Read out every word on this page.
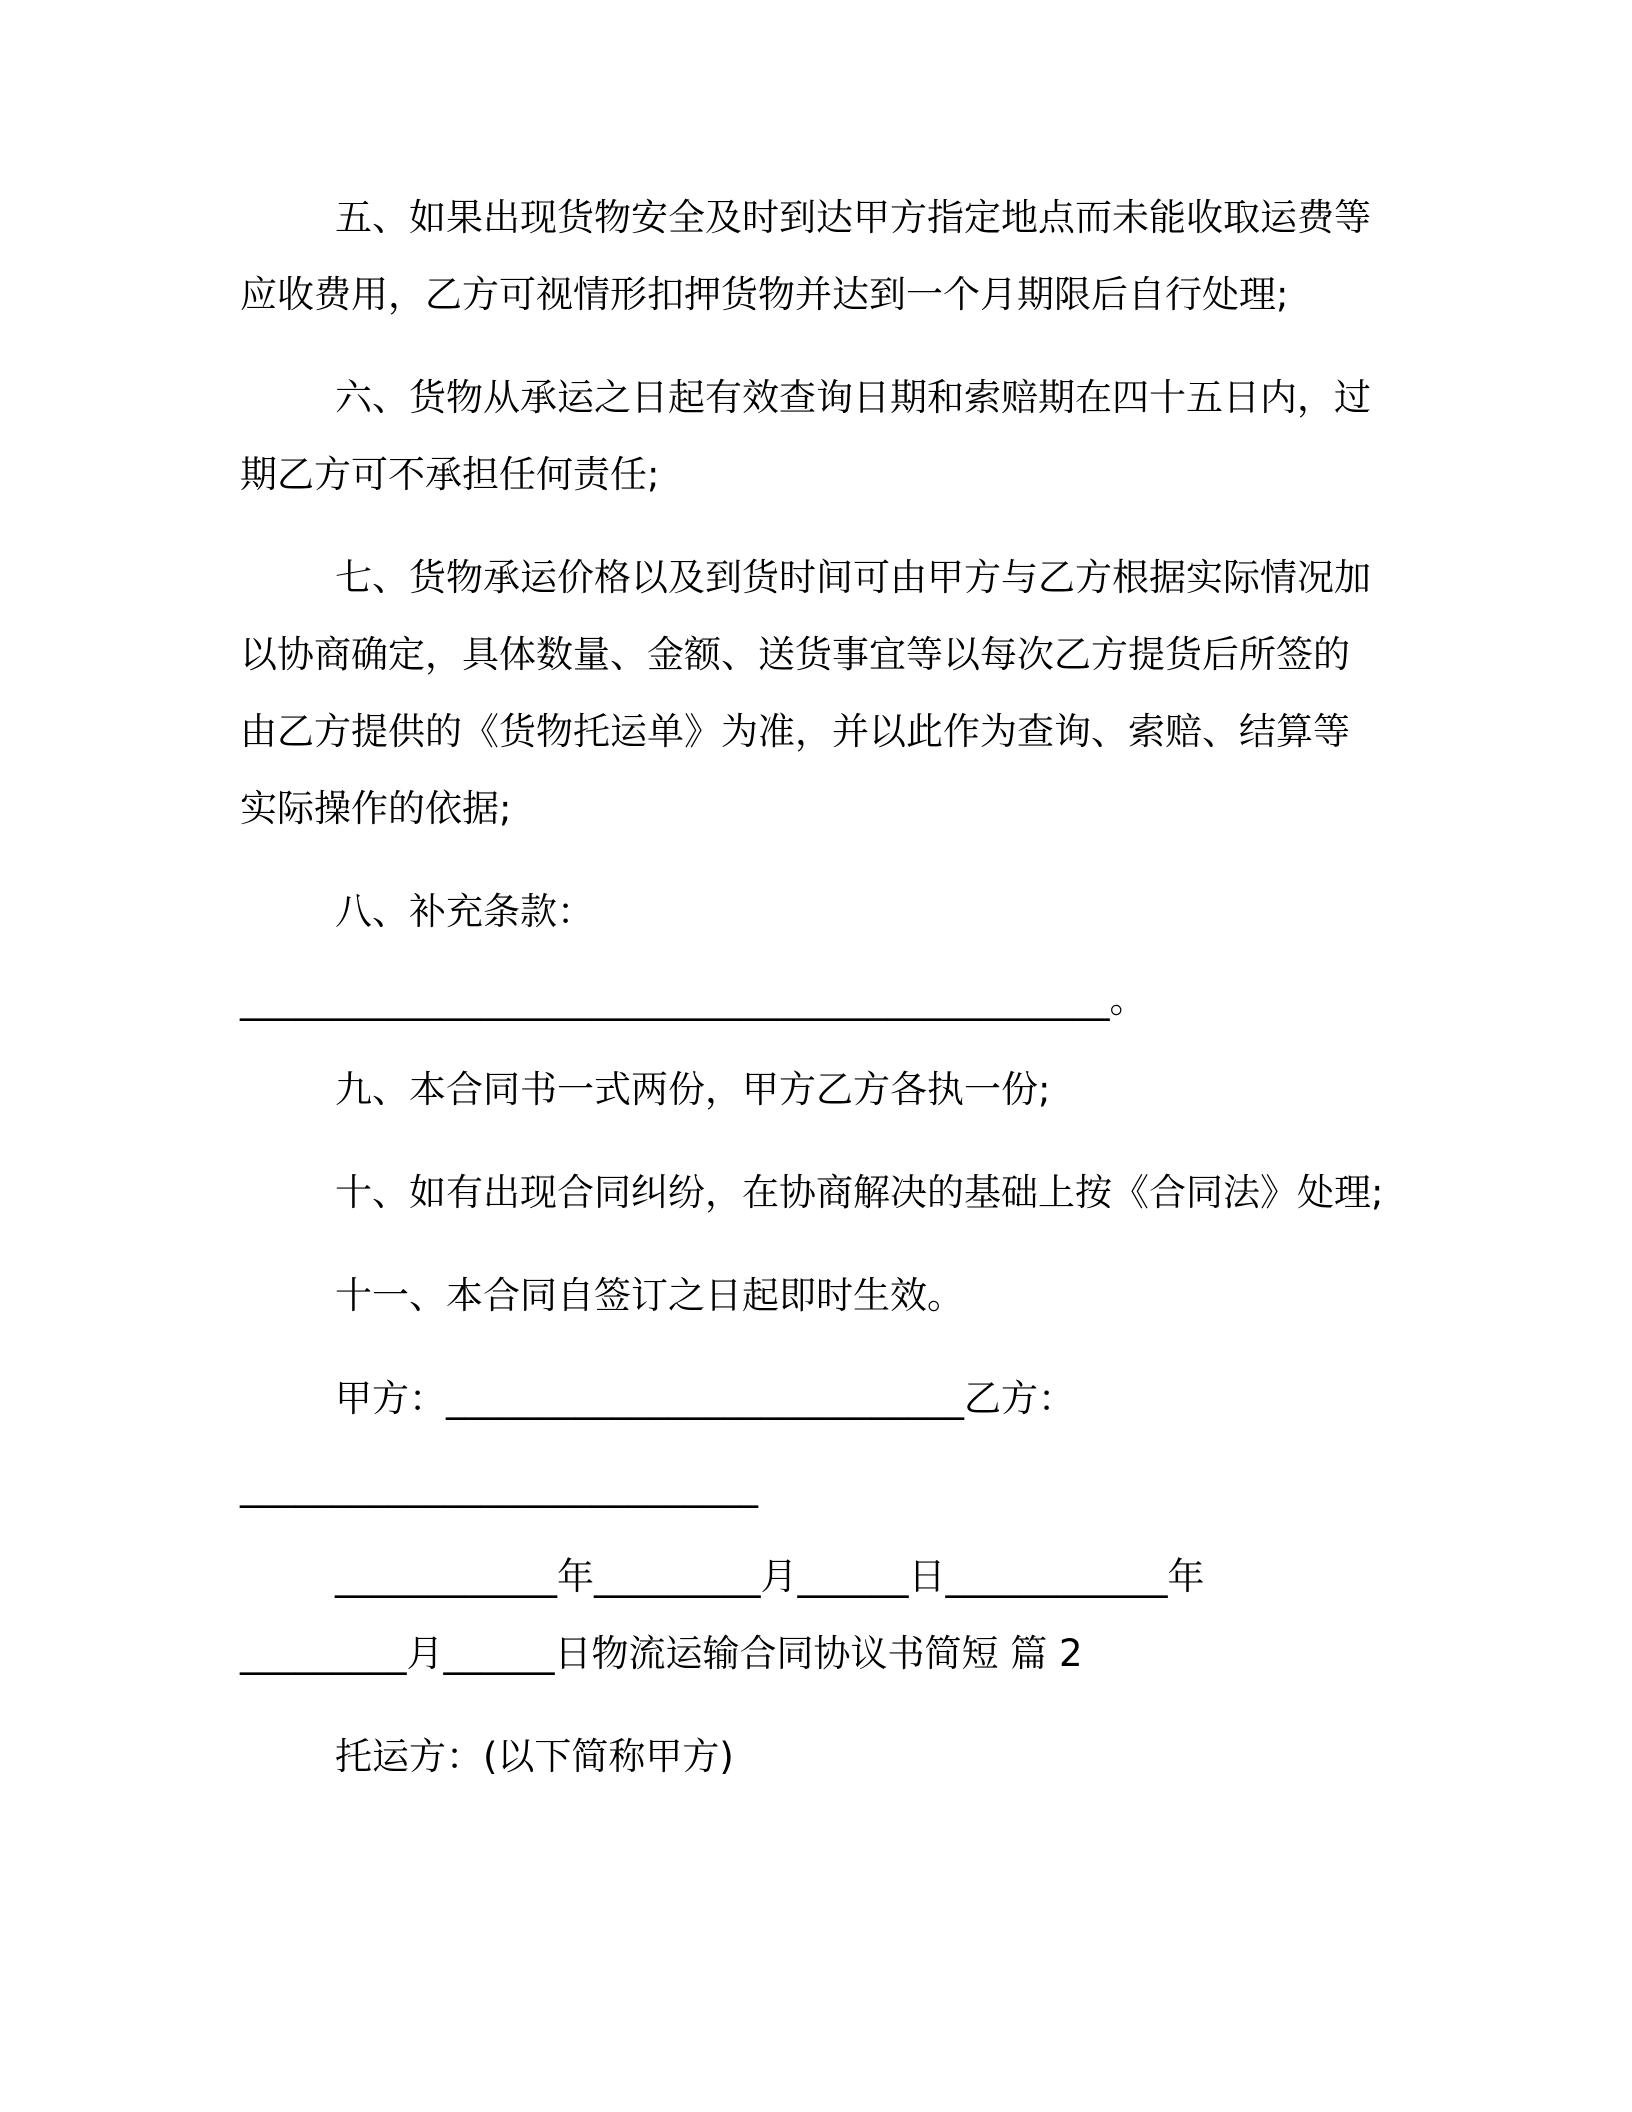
五、如果出现货物安全及时到达甲方指定地点而未能收取运费等
应收费用，乙方可视情形扣押货物并达到一个月期限后自行处理;
六、货物从承运之日起有效查询日期和索赔期在四十五日内，过
期乙方可不承担任何责任;
七、货物承运价格以及到货时间可由甲方与乙方根据实际情况加
以协商确定，具体数量、金额、送货事宜等以每次乙方提货后所签的
由乙方提供的《货物托运单》为准，并以此作为查询、索赔、结算等
实际操作的依据;
八、补充条款：
_______________________________________________。
九、本合同书一式两份，甲方乙方各执一份;
十、如有出现合同纠纷，在协商解决的基础上按《合同法》处理;
十一、本合同自签订之日起即时生效。
甲方：____________________________乙方：
____________________________
____________年_________月______日____________年
_________月______日物流运输合同协议书简短 篇 2
托运方：(以下简称甲方)
